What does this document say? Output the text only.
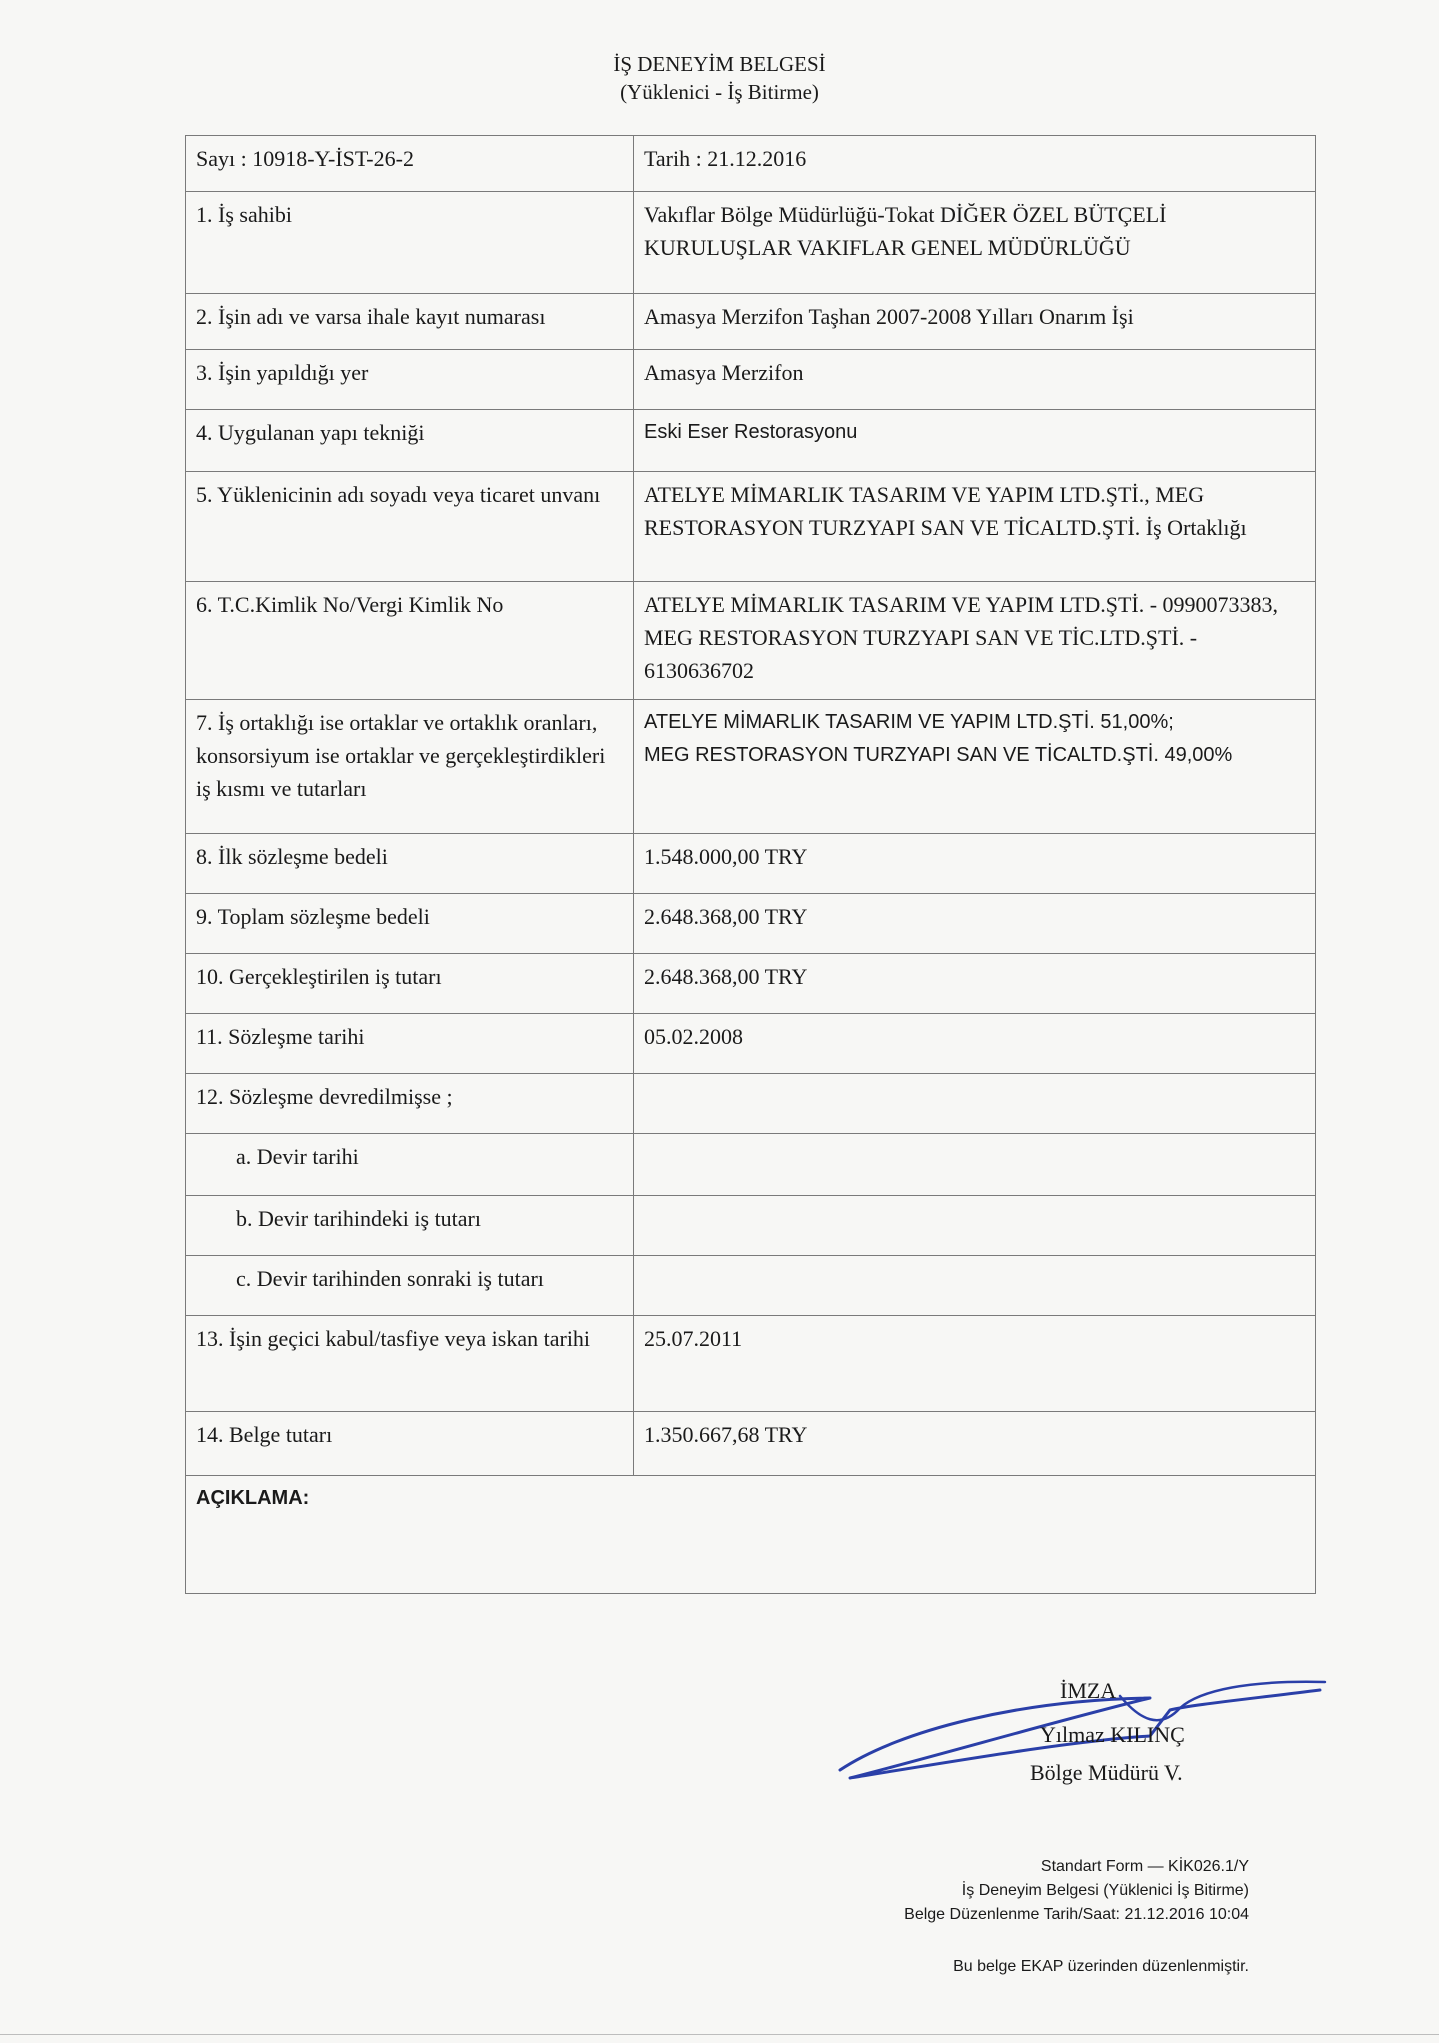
İŞ DENEYİM BELGESİ
(Yüklenici - İş Bitirme)
Sayı : 10918-Y-İST-26-2	Tarih : 21.12.2016
1. İş sahibi	Vakıflar Bölge Müdürlüğü-Tokat DİĞER ÖZEL BÜTÇELİ KURULUŞLAR VAKIFLAR GENEL MÜDÜRLÜĞÜ
2. İşin adı ve varsa ihale kayıt numarası	Amasya Merzifon Taşhan 2007-2008 Yılları Onarım İşi
3. İşin yapıldığı yer	Amasya Merzifon
4. Uygulanan yapı tekniği	Eski Eser Restorasyonu
5. Yüklenicinin adı soyadı veya ticaret unvanı	ATELYE MİMARLIK TASARIM VE YAPIM LTD.ŞTİ., MEG RESTORASYON TURZYAPI SAN VE TİCALTD.ŞTİ. İş Ortaklığı
6. T.C.Kimlik No/Vergi Kimlik No	ATELYE MİMARLIK TASARIM VE YAPIM LTD.ŞTİ. - 0990073383, MEG RESTORASYON TURZYAPI SAN VE TİC.LTD.ŞTİ. - 6130636702
7. İş ortaklığı ise ortaklar ve ortaklık oranları, konsorsiyum ise ortaklar ve gerçekleştirdikleri iş kısmı ve tutarları	ATELYE MİMARLIK TASARIM VE YAPIM LTD.ŞTİ. 51,00%;
MEG RESTORASYON TURZYAPI SAN VE TİCALTD.ŞTİ. 49,00%

8. İlk sözleşme bedeli	1.548.000,00 TRY
9. Toplam sözleşme bedeli	2.648.368,00 TRY
10. Gerçekleştirilen iş tutarı	2.648.368,00 TRY
11. Sözleşme tarihi	05.02.2008
12. Sözleşme devredilmişse ;	
a. Devir tarihi	
b. Devir tarihindeki iş tutarı	
c. Devir tarihinden sonraki iş tutarı	
13. İşin geçici kabul/tasfiye veya iskan tarihi	25.07.2011
14. Belge tutarı	1.350.667,68 TRY
AÇIKLAMA:	
İMZA
Yılmaz KILINÇ
Bölge Müdürü V.
Standart Form — KİK026.1/Y
İş Deneyim Belgesi (Yüklenici İş Bitirme)
Belge Düzenlenme Tarih/Saat: 21.12.2016 10:04
Bu belge EKAP üzerinden düzenlenmiştir.
